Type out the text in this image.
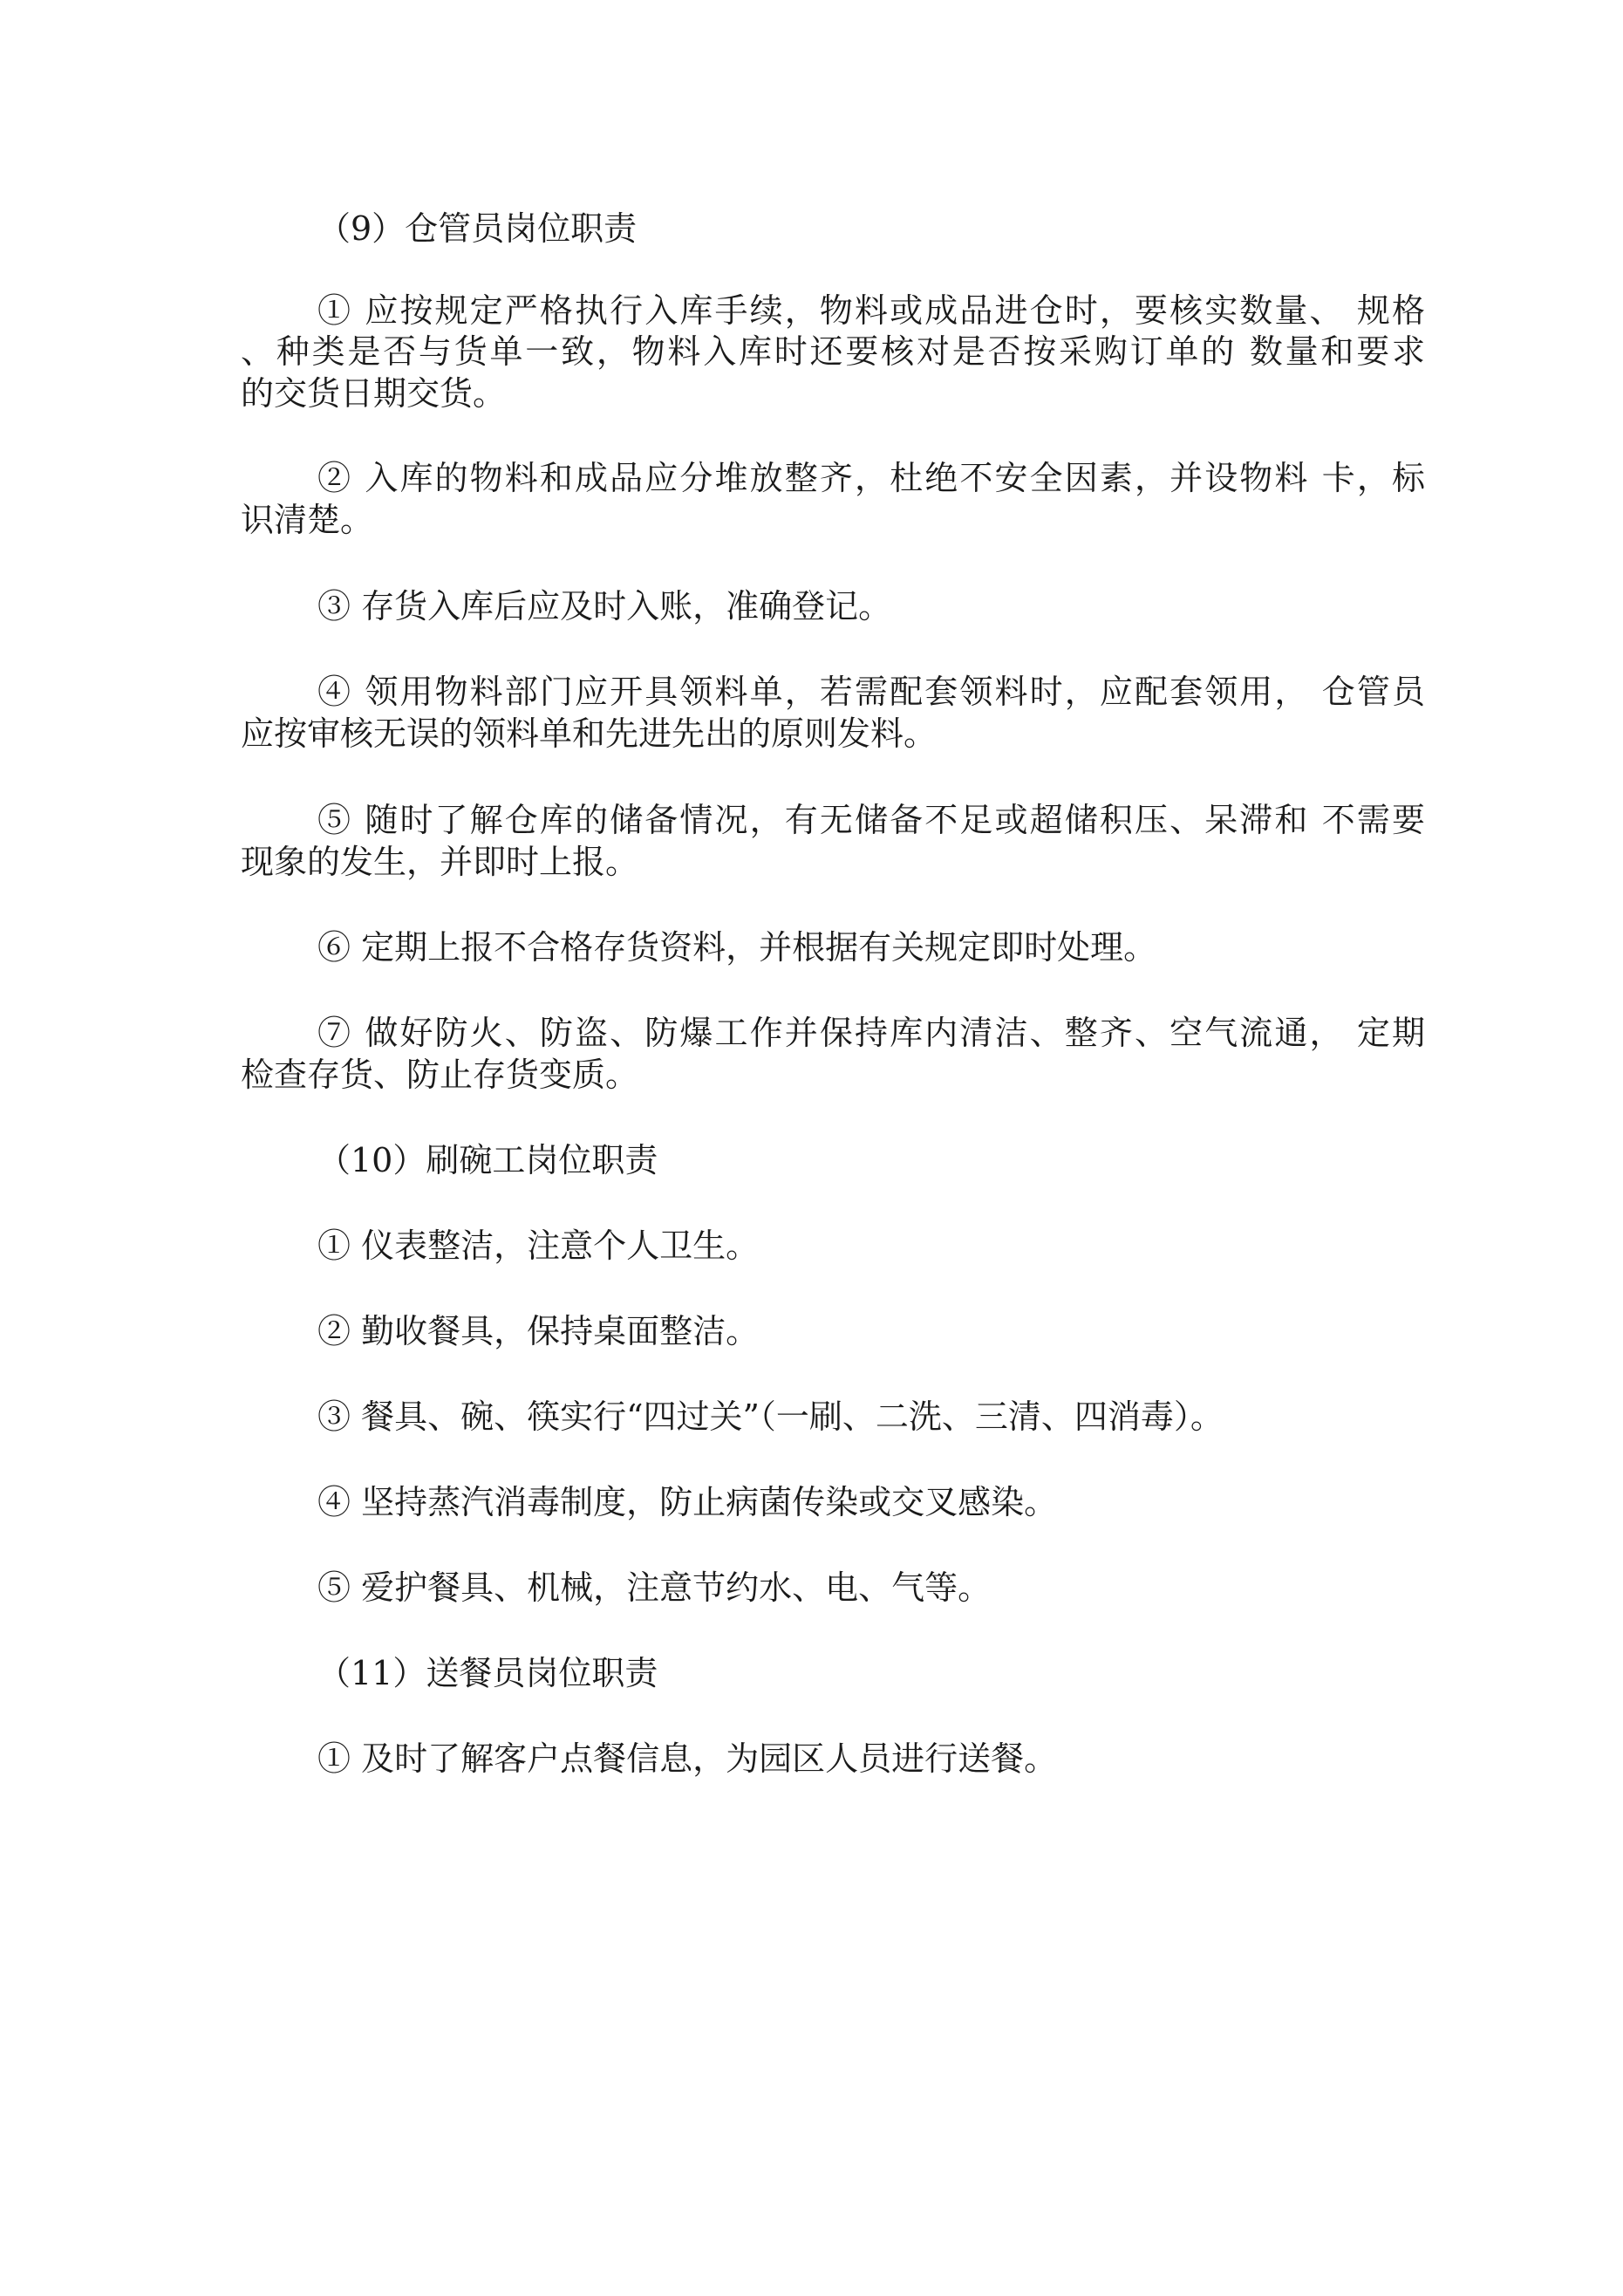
（9）仓管员岗位职责
① 应按规定严格执行入库手续，物料或成品进仓时，要核实数量、 规格
、种类是否与货单一致，物料入库时还要核对是否按采购订单的 数量和要求
的交货日期交货。
② 入库的物料和成品应分堆放整齐，杜绝不安全因素，并设物料 卡，标
识清楚。
③ 存货入库后应及时入账，准确登记。
④ 领用物料部门应开具领料单，若需配套领料时，应配套领用， 仓管员
应按审核无误的领料单和先进先出的原则发料。
⑤ 随时了解仓库的储备情况，有无储备不足或超储积压、呆滞和 不需要
现象的发生，并即时上报。
⑥ 定期上报不合格存货资料，并根据有关规定即时处理。
⑦ 做好防火、防盗、防爆工作并保持库内清洁、整齐、空气流通， 定期
检查存货、防止存货变质。
（10）刷碗工岗位职责
① 仪表整洁，注意个人卫生。
② 勤收餐具，保持桌面整洁。
③ 餐具、碗、筷实行“四过关”（一刷、二洗、三清、四消毒）。
④ 坚持蒸汽消毒制度，防止病菌传染或交叉感染。
⑤ 爱护餐具、机械，注意节约水、电、气等。
（11）送餐员岗位职责
① 及时了解客户点餐信息，为园区人员进行送餐。
